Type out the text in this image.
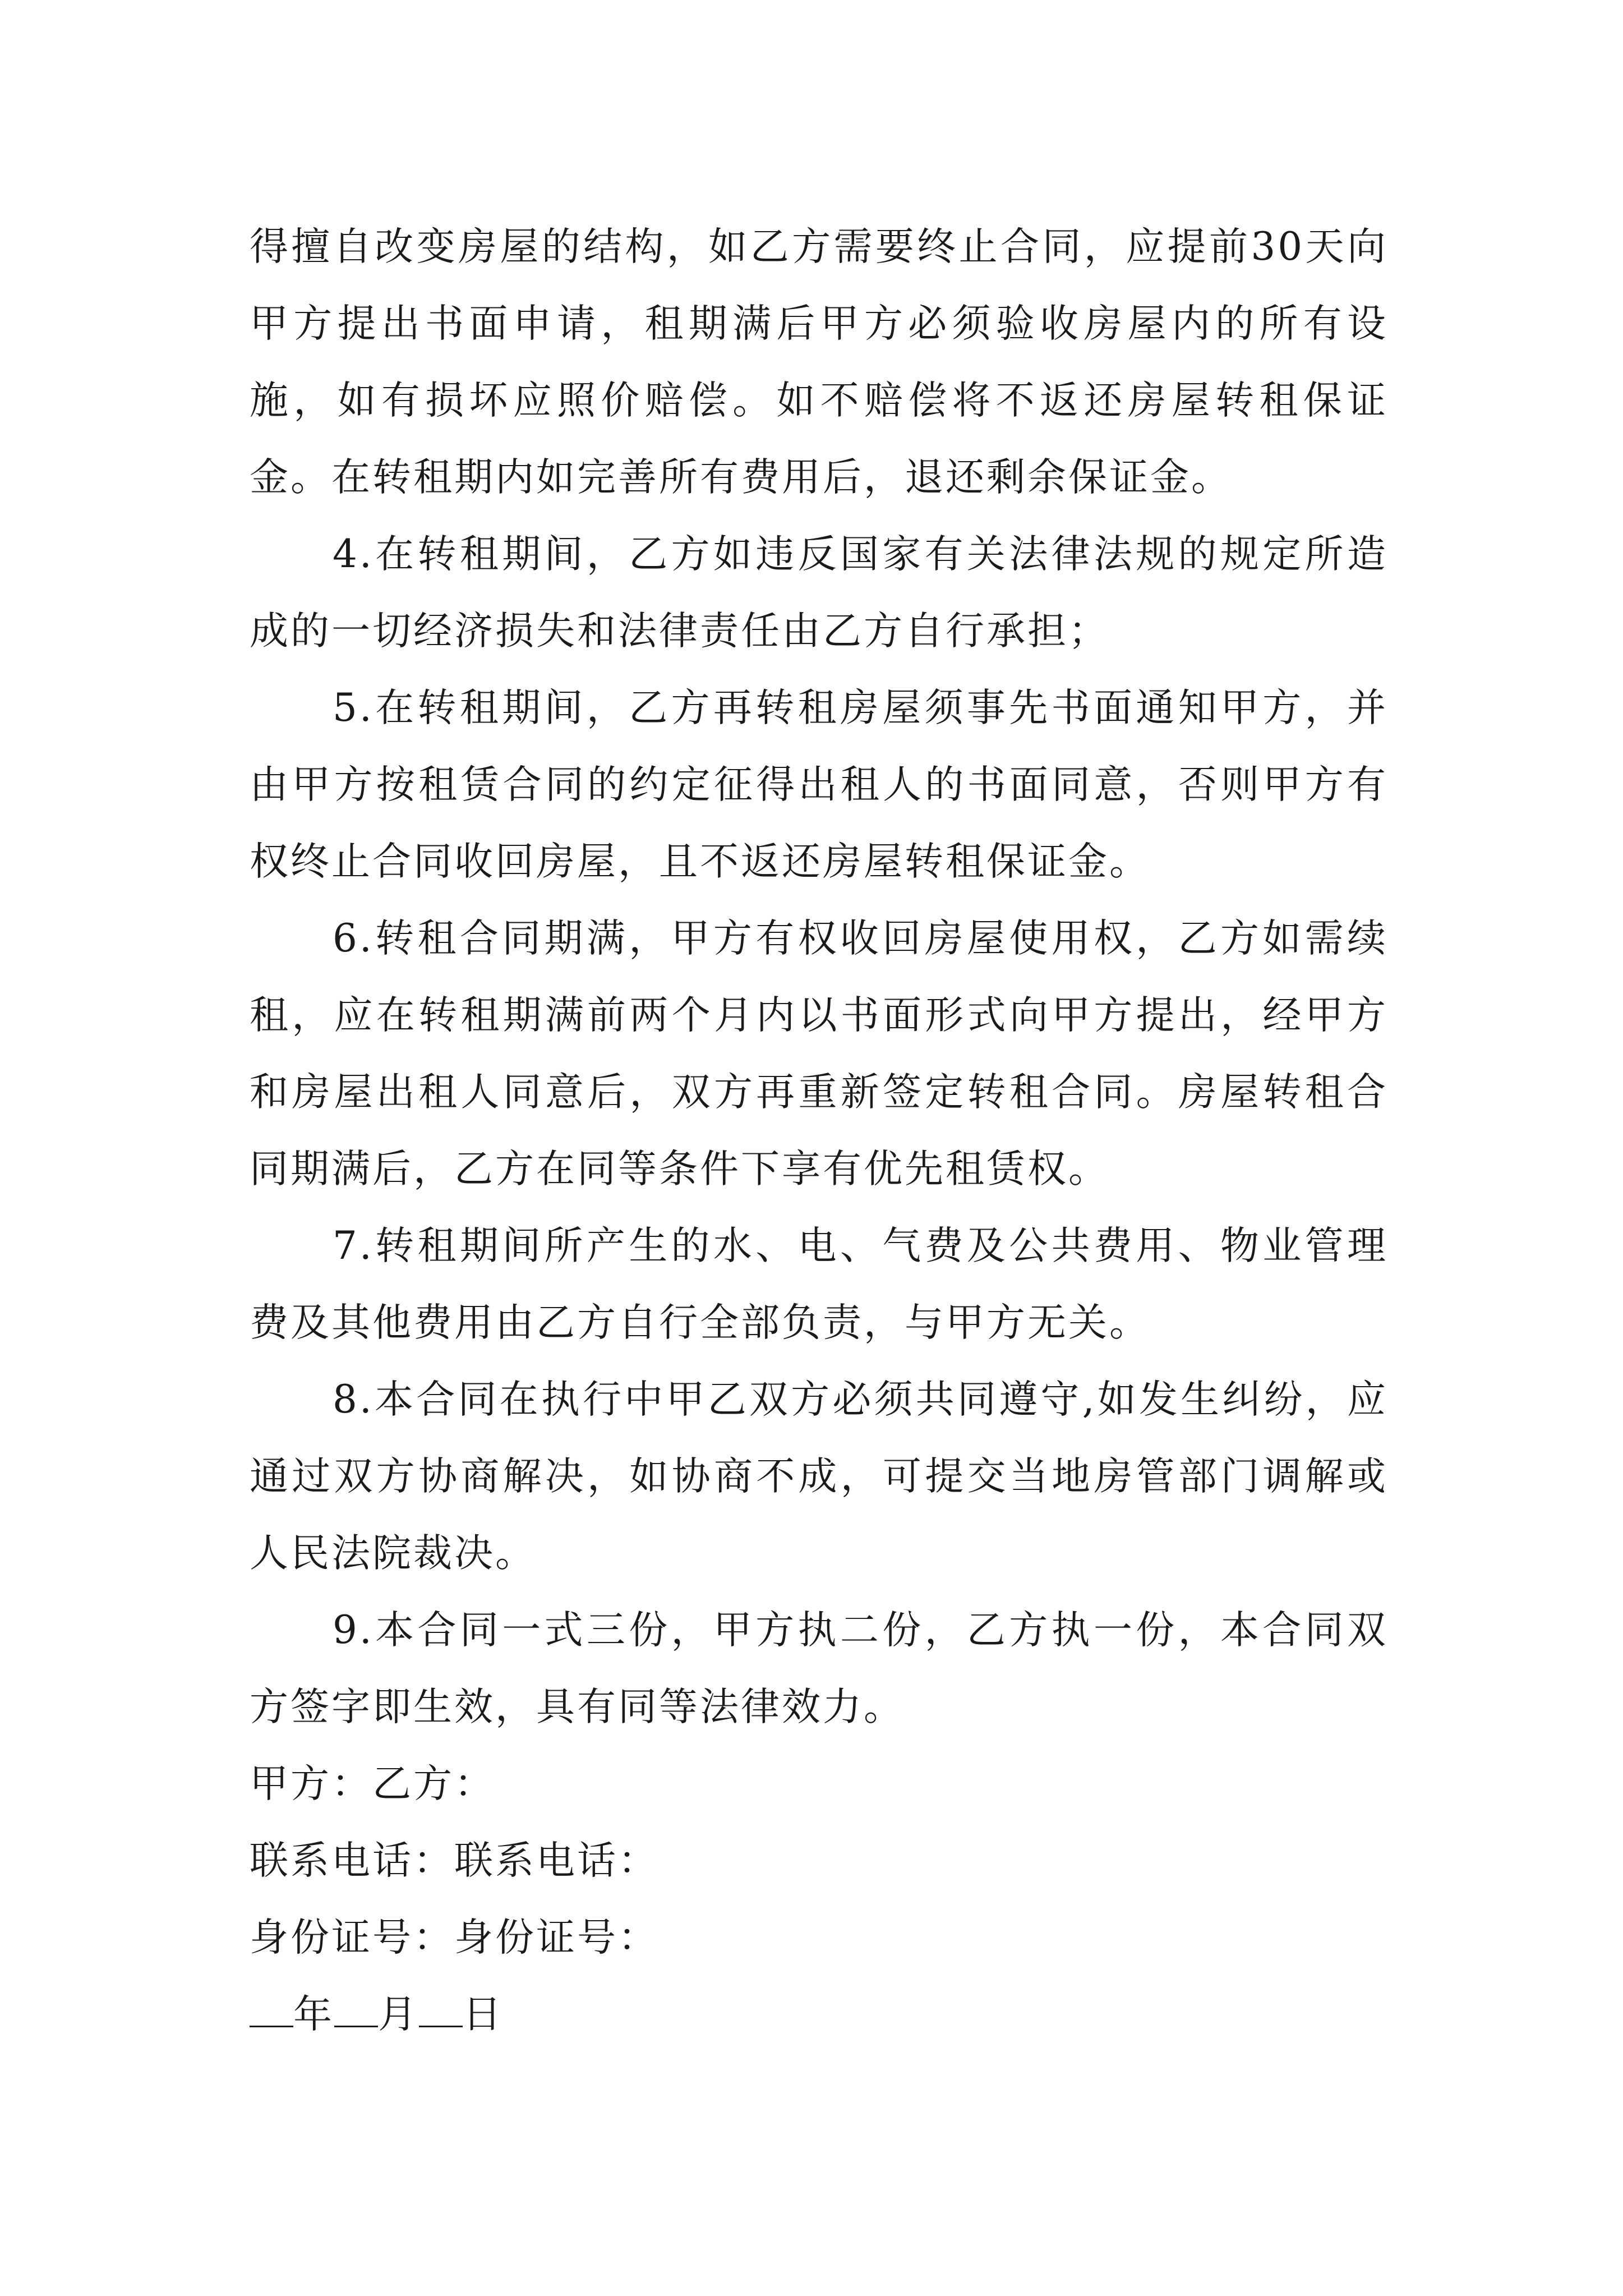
得擅自改变房屋的结构，如乙方需要终止合同，应提前30天向甲方提出书面申请，租期满后甲方必须验收房屋内的所有设施，如有损坏应照价赔偿。如不赔偿将不返还房屋转租保证金。在转租期内如完善所有费用后，退还剩余保证金。

4.在转租期间，乙方如违反国家有关法律法规的规定所造成的一切经济损失和法律责任由乙方自行承担；

5.在转租期间，乙方再转租房屋须事先书面通知甲方，并由甲方按租赁合同的约定征得出租人的书面同意，否则甲方有权终止合同收回房屋，且不返还房屋转租保证金。

6.转租合同期满，甲方有权收回房屋使用权，乙方如需续租，应在转租期满前两个月内以书面形式向甲方提出，经甲方和房屋出租人同意后，双方再重新签定转租合同。房屋转租合同期满后，乙方在同等条件下享有优先租赁权。

7.转租期间所产生的水、电、气费及公共费用、物业管理费及其他费用由乙方自行全部负责，与甲方无关。

8.本合同在执行中甲乙双方必须共同遵守,如发生纠纷，应通过双方协商解决，如协商不成，可提交当地房管部门调解或人民法院裁决。

9.本合同一式三份，甲方执二份，乙方执一份，本合同双方签字即生效，具有同等法律效力。

甲方：乙方：

联系电话：联系电话：

身份证号：身份证号：

年 月 日
